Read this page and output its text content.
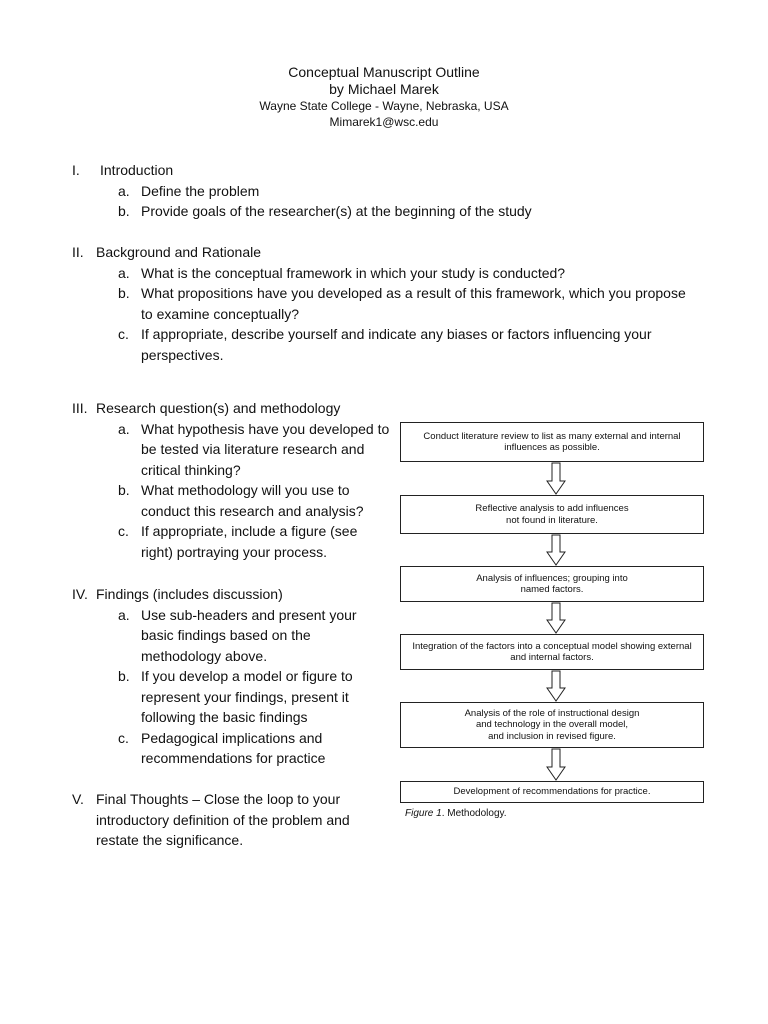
Conceptual Manuscript Outline
by Michael Marek
Wayne State College - Wayne, Nebraska, USA
Mimarek1@wsc.edu
I. Introduction
a. Define the problem
b. Provide goals of the researcher(s) at the beginning of the study
II. Background and Rationale
a. What is the conceptual framework in which your study is conducted?
b. What propositions have you developed as a result of this framework, which you propose to examine conceptually?
c. If appropriate, describe yourself and indicate any biases or factors influencing your perspectives.
III. Research question(s) and methodology
a. What hypothesis have you developed to be tested via literature research and critical thinking?
b. What methodology will you use to conduct this research and analysis?
c. If appropriate, include a figure (see right) portraying your process.
IV. Findings (includes discussion)
a. Use sub-headers and present your basic findings based on the methodology above.
b. If you develop a model or figure to represent your findings, present it following the basic findings
c. Pedagogical implications and recommendations for practice
V. Final Thoughts – Close the loop to your introductory definition of the problem and restate the significance.
Conduct literature review to list as many external and internal influences as possible.
Reflective analysis to add influences
not found in literature.
Analysis of influences; grouping into
named factors.
Integration of the factors into a conceptual model showing external and internal factors.
Analysis of the role of instructional design
and technology in the overall model,
and inclusion in revised figure.
Development of recommendations for practice.
Figure 1. Methodology.
